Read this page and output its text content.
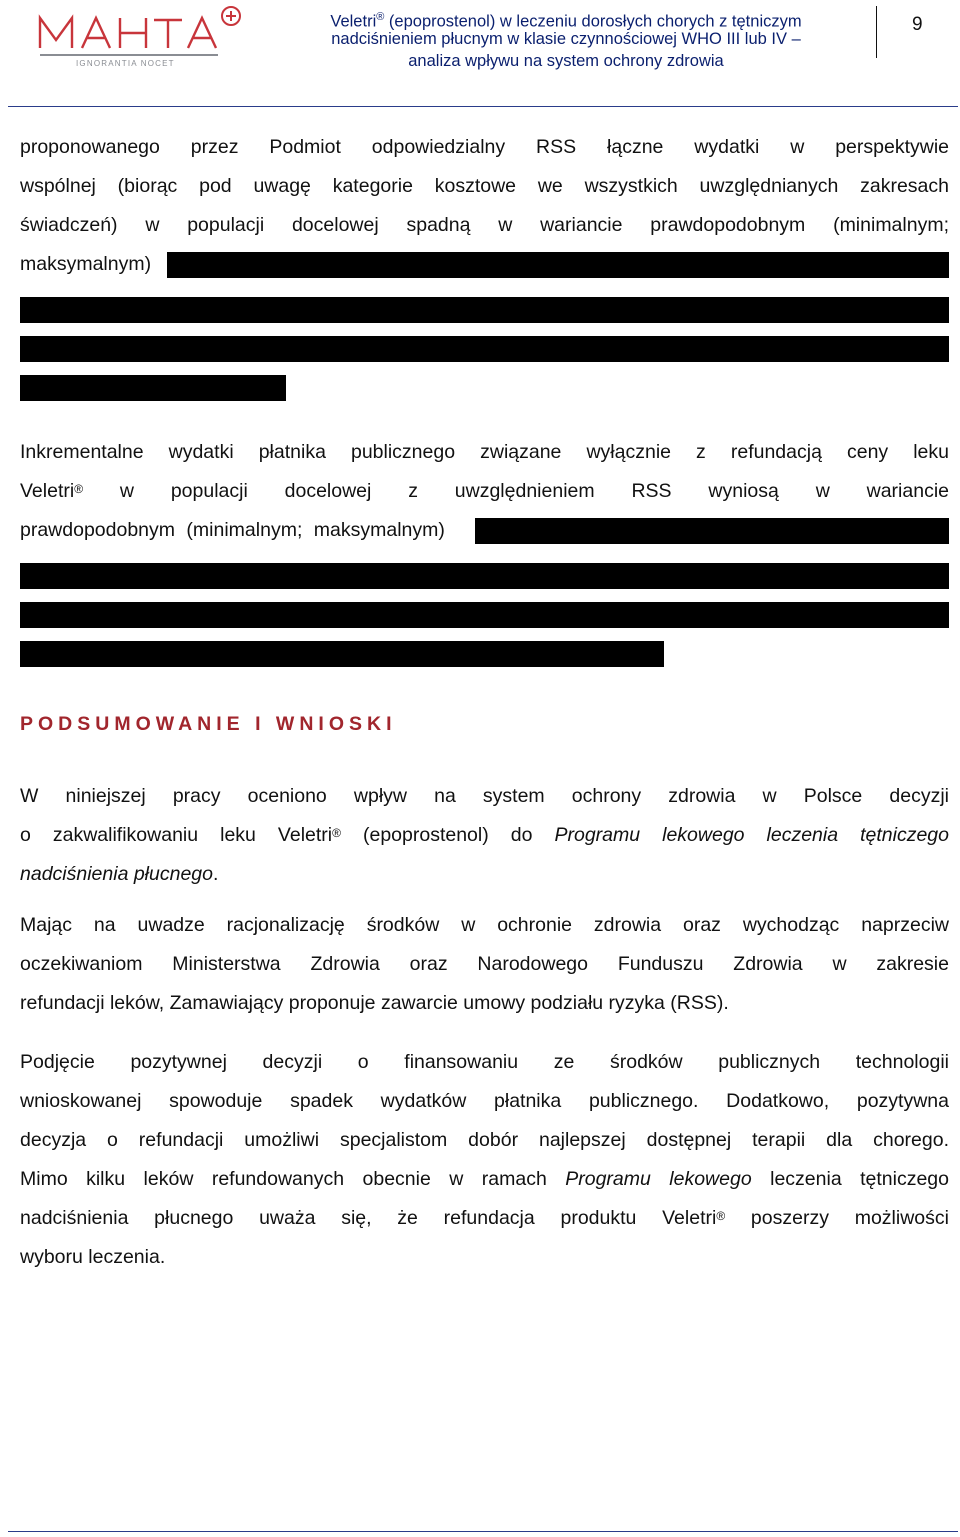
IGNORANTIA NOCET
Veletri® (epoprostenol) w leczeniu dorosłych chorych z tętniczym
nadciśnieniem płucnym w klasie czynnościowej WHO III lub IV –
analiza wpływu na system ochrony zdrowia
9
proponowanego przez Podmiot odpowiedzialny RSS łączne wydatki w perspektywie
wspólnej (biorąc pod uwagę kategorie kosztowe we wszystkich uwzględnianych zakresach
świadczeń) w populacji docelowej spadną w wariancie prawdopodobnym (minimalnym;
maksymalnym)
Inkrementalne wydatki płatnika publicznego związane wyłącznie z refundacją ceny leku
Veletri® w populacji docelowej z uwzględnieniem RSS wyniosą w wariancie
prawdopodobnym (minimalnym; maksymalnym)
PODSUMOWANIE I WNIOSKI
W niniejszej pracy oceniono wpływ na system ochrony zdrowia w Polsce decyzji
o zakwalifikowaniu leku Veletri® (epoprostenol) do Programu lekowego leczenia tętniczego
nadciśnienia płucnego.
Mając na uwadze racjonalizację środków w ochronie zdrowia oraz wychodząc naprzeciw
oczekiwaniom Ministerstwa Zdrowia oraz Narodowego Funduszu Zdrowia w zakresie
refundacji leków, Zamawiający proponuje zawarcie umowy podziału ryzyka (RSS).
Podjęcie pozytywnej decyzji o finansowaniu ze środków publicznych technologii
wnioskowanej spowoduje spadek wydatków płatnika publicznego. Dodatkowo, pozytywna
decyzja o refundacji umożliwi specjalistom dobór najlepszej dostępnej terapii dla chorego.
Mimo kilku leków refundowanych obecnie w ramach Programu lekowego leczenia tętniczego
nadciśnienia płucnego uważa się, że refundacja produktu Veletri® poszerzy możliwości
wyboru leczenia.
